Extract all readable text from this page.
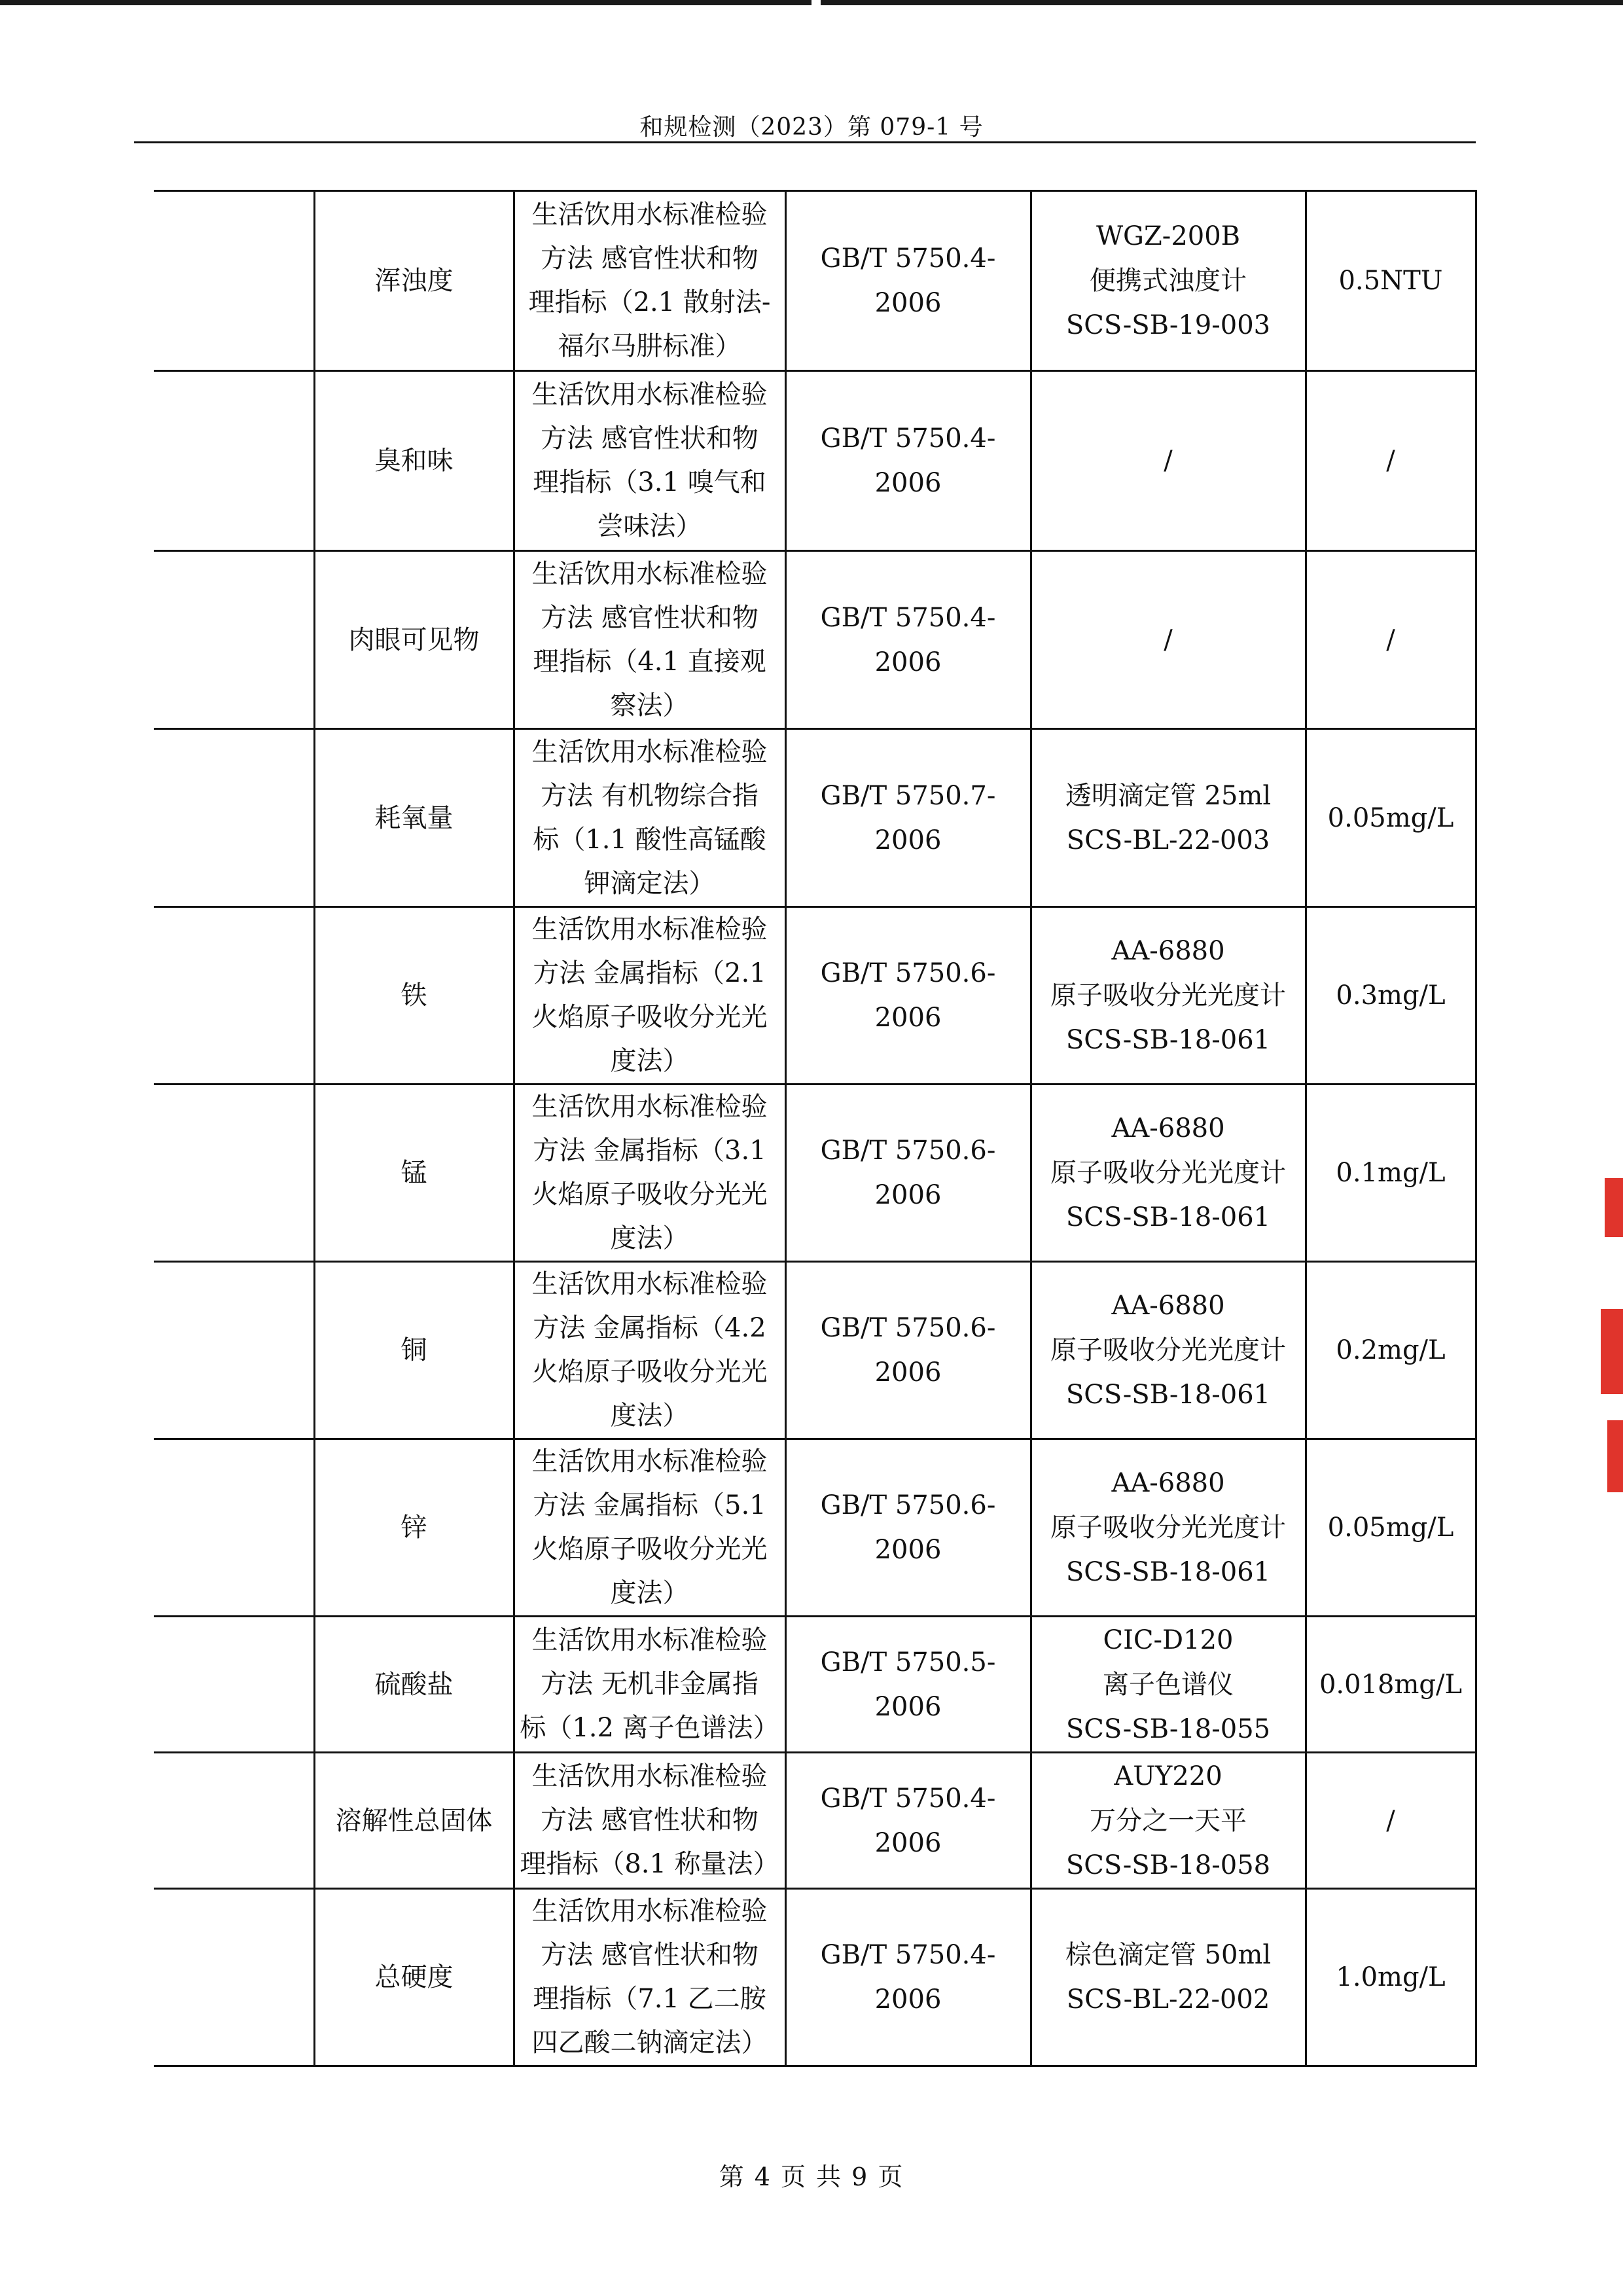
和规检测（2023）第 079-1 号
	浑浊度	生活饮用水标准检验
方法 感官性状和物
理指标（2.1 散射法-
福尔马肼标准）	GB/T 5750.4-2006	WGZ-200B
便携式浊度计
SCS-SB-19-003	0.5NTU
	臭和味	生活饮用水标准检验
方法 感官性状和物
理指标（3.1 嗅气和
尝味法）	GB/T 5750.4-2006	/	/
	肉眼可见物	生活饮用水标准检验
方法 感官性状和物
理指标（4.1 直接观
察法）	GB/T 5750.4-2006	/	/
	耗氧量	生活饮用水标准检验
方法 有机物综合指
标（1.1 酸性高锰酸
钾滴定法）	GB/T 5750.7-2006	透明滴定管 25ml
SCS-BL-22-003	0.05mg/L
	铁	生活饮用水标准检验
方法 金属指标（2.1
火焰原子吸收分光光
度法）	GB/T 5750.6-2006	AA-6880
原子吸收分光光度计
SCS-SB-18-061	0.3mg/L
	锰	生活饮用水标准检验
方法 金属指标（3.1
火焰原子吸收分光光
度法）	GB/T 5750.6-2006	AA-6880
原子吸收分光光度计
SCS-SB-18-061	0.1mg/L
	铜	生活饮用水标准检验
方法 金属指标（4.2
火焰原子吸收分光光
度法）	GB/T 5750.6-2006	AA-6880
原子吸收分光光度计
SCS-SB-18-061	0.2mg/L
	锌	生活饮用水标准检验
方法 金属指标（5.1
火焰原子吸收分光光
度法）	GB/T 5750.6-2006	AA-6880
原子吸收分光光度计
SCS-SB-18-061	0.05mg/L
	硫酸盐	生活饮用水标准检验
方法 无机非金属指
标（1.2 离子色谱法）	GB/T 5750.5-2006	CIC-D120
离子色谱仪
SCS-SB-18-055	0.018mg/L
	溶解性总固体	生活饮用水标准检验
方法 感官性状和物
理指标（8.1 称量法）	GB/T 5750.4-2006	AUY220
万分之一天平
SCS-SB-18-058	/
	总硬度	生活饮用水标准检验
方法 感官性状和物
理指标（7.1 乙二胺
四乙酸二钠滴定法）	GB/T 5750.4-2006	棕色滴定管 50ml
SCS-BL-22-002	1.0mg/L
第 4 页 共 9 页
